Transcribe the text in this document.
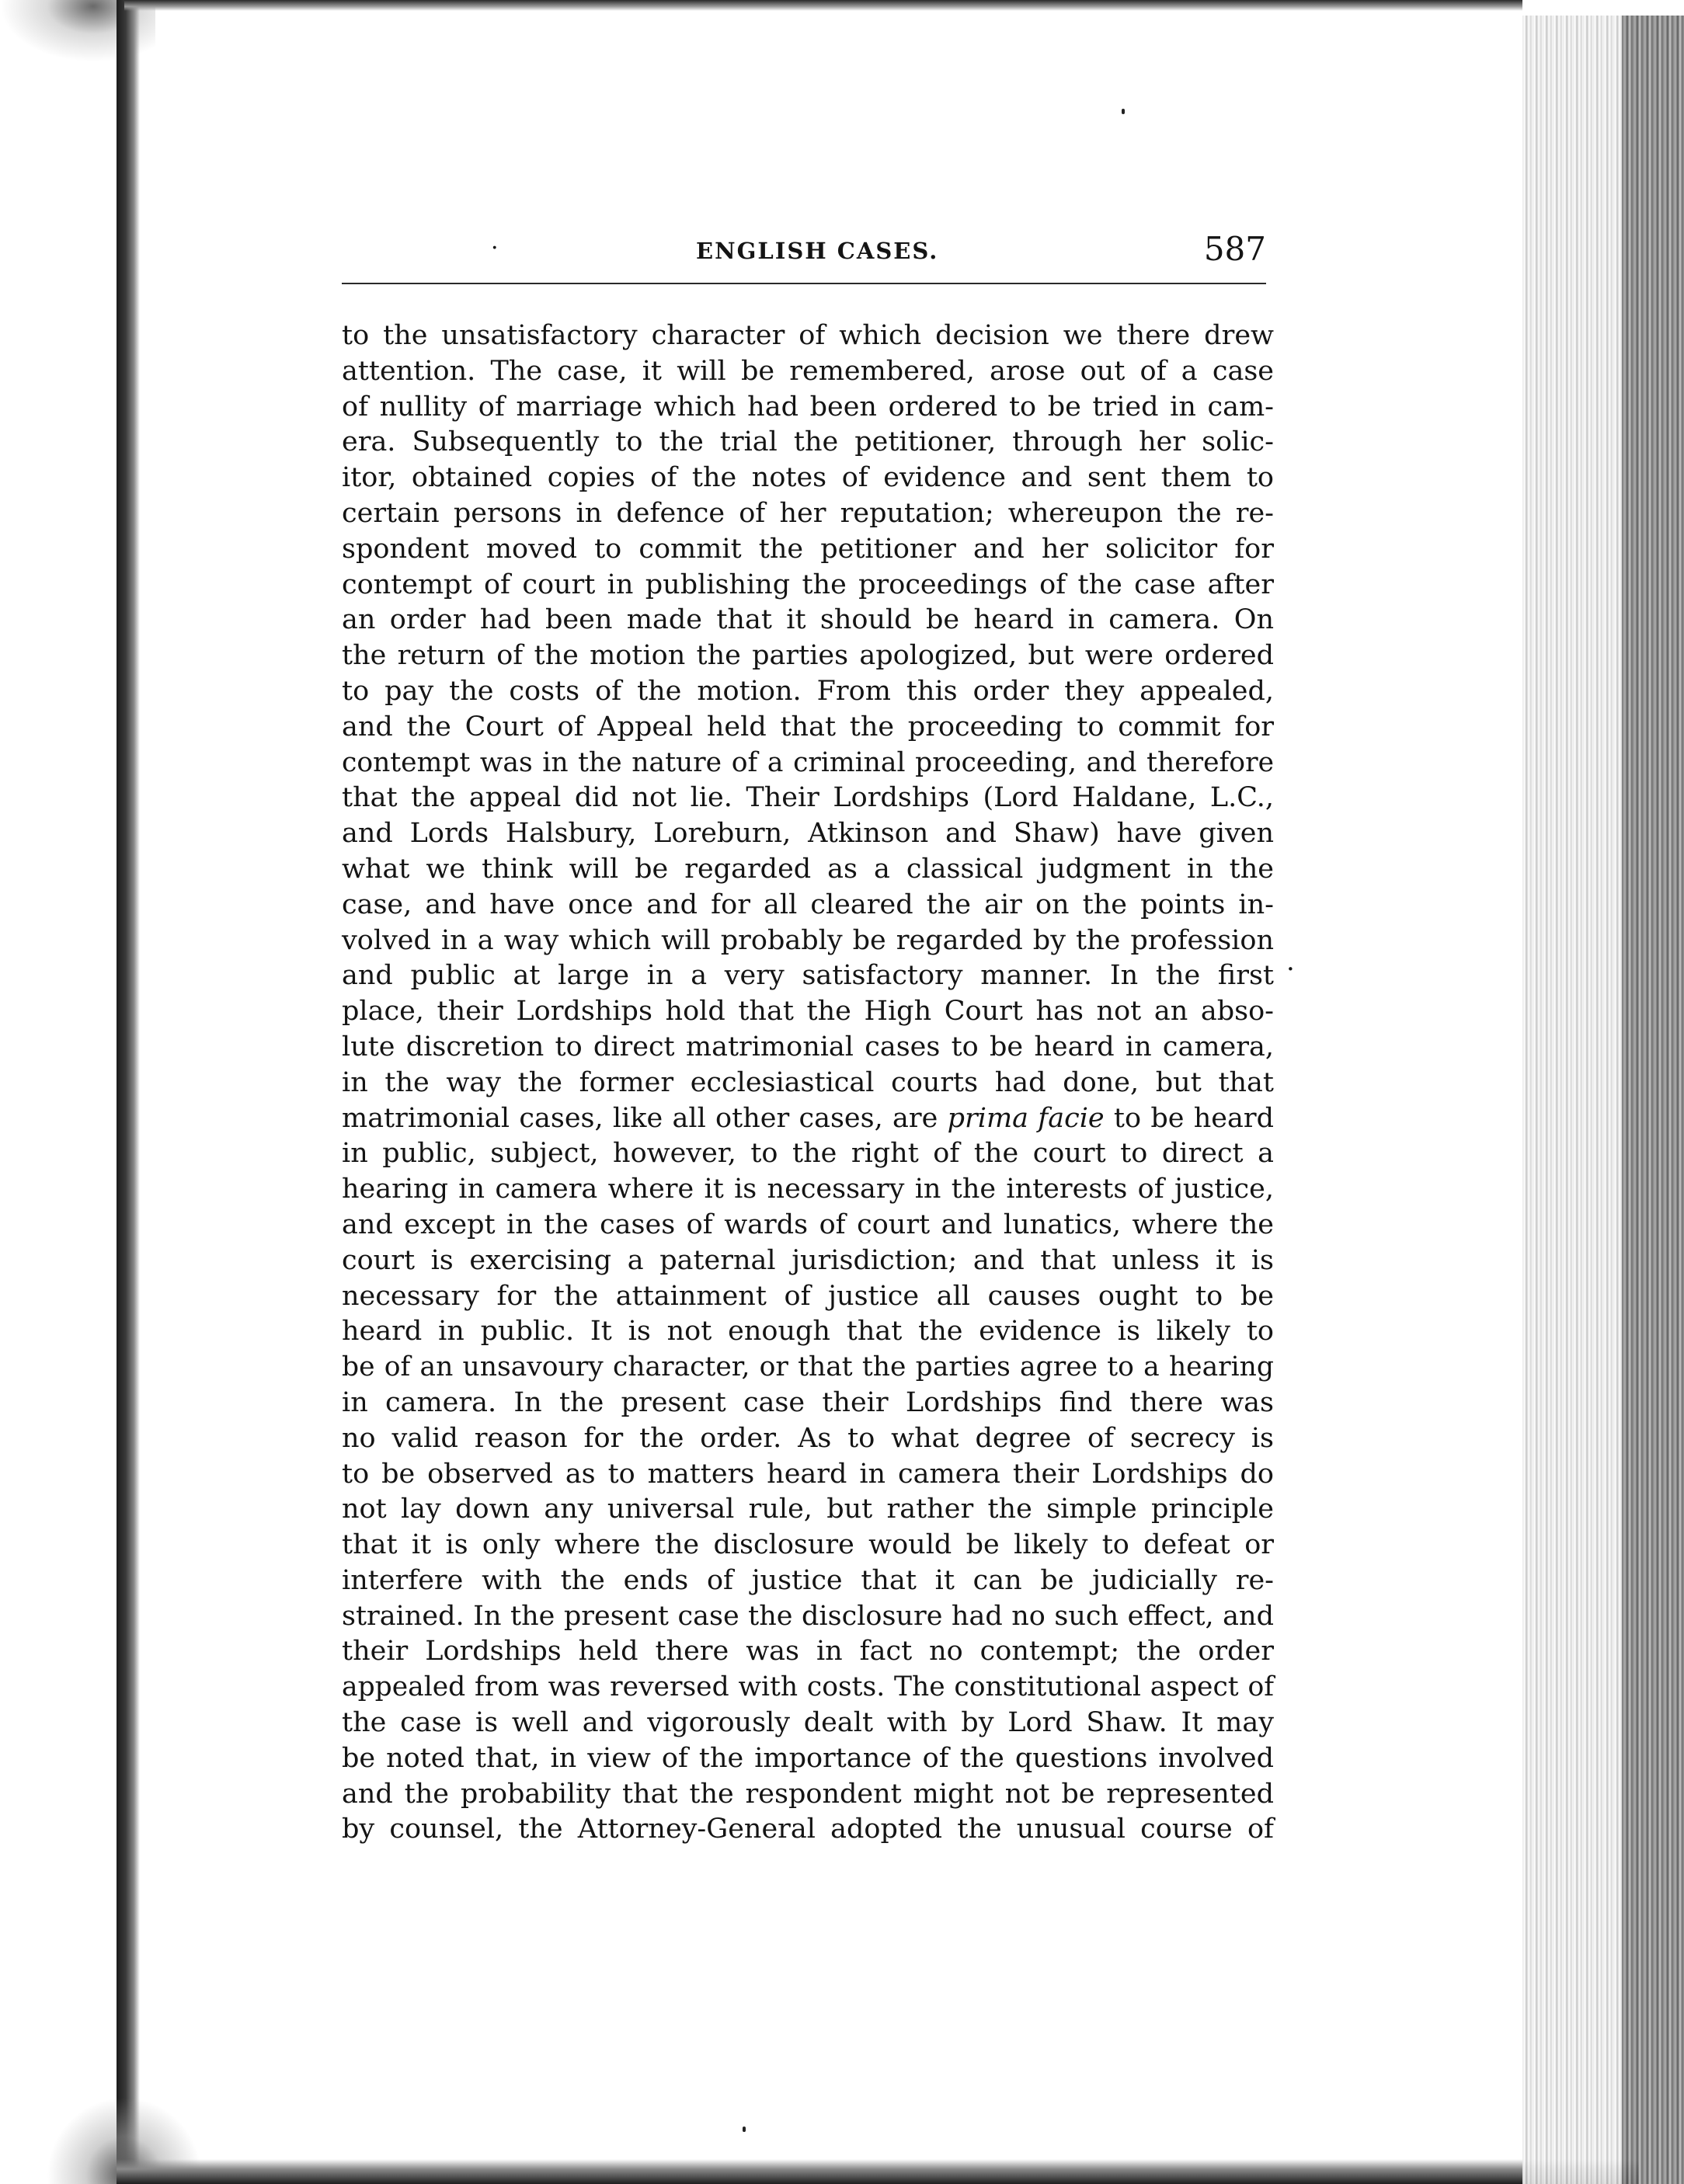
·	ENGLISH CASES.	587
to the unsatisfactory character of which decision we there drew
attention. The case, it will be remembered, arose out of a case
of nullity of marriage which had been ordered to be tried in cam-
era. Subsequently to the trial the petitioner, through her solic-
itor, obtained copies of the notes of evidence and sent them to
certain persons in defence of her reputation; whereupon the re-
spondent moved to commit the petitioner and her solicitor for
contempt of court in publishing the proceedings of the case after
an order had been made that it should be heard in camera. On
the return of the motion the parties apologized, but were ordered
to pay the costs of the motion. From this order they appealed,
and the Court of Appeal held that the proceeding to commit for
contempt was in the nature of a criminal proceeding, and therefore
that the appeal did not lie. Their Lordships (Lord Haldane, L.C.,
and Lords Halsbury, Loreburn, Atkinson and Shaw) have given
what we think will be regarded as a classical judgment in the
case, and have once and for all cleared the air on the points in-
volved in a way which will probably be regarded by the profession
and public at large in a very satisfactory manner. In the first
place, their Lordships hold that the High Court has not an abso-
lute discretion to direct matrimonial cases to be heard in camera,
in the way the former ecclesiastical courts had done, but that
matrimonial cases, like all other cases, are prima facie to be heard
in public, subject, however, to the right of the court to direct a
hearing in camera where it is necessary in the interests of justice,
and except in the cases of wards of court and lunatics, where the
court is exercising a paternal jurisdiction; and that unless it is
necessary for the attainment of justice all causes ought to be
heard in public. It is not enough that the evidence is likely to
be of an unsavoury character, or that the parties agree to a hearing
in camera. In the present case their Lordships find there was
no valid reason for the order. As to what degree of secrecy is
to be observed as to matters heard in camera their Lordships do
not lay down any universal rule, but rather the simple principle
that it is only where the disclosure would be likely to defeat or
interfere with the ends of justice that it can be judicially re-
strained. In the present case the disclosure had no such effect, and
their Lordships held there was in fact no contempt; the order
appealed from was reversed with costs. The constitutional aspect of
the case is well and vigorously dealt with by Lord Shaw. It may
be noted that, in view of the importance of the questions involved
and the probability that the respondent might not be represented
by counsel, the Attorney-General adopted the unusual course of
·
